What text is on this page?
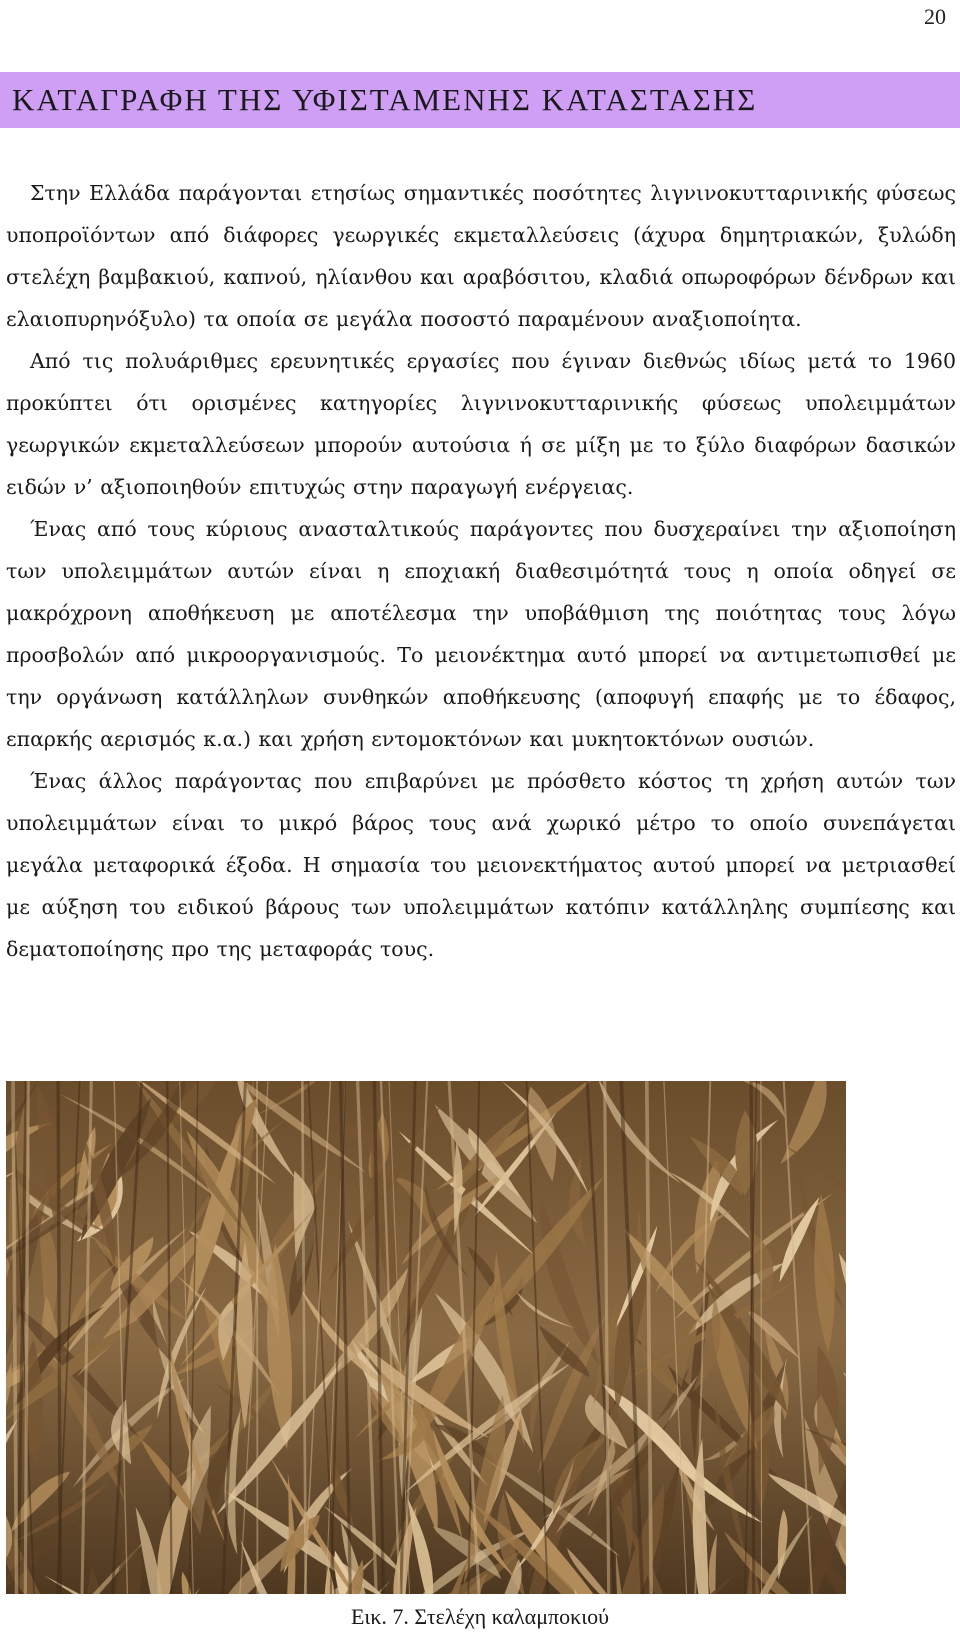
20
ΚΑΤΑΓΡΑΦΗ ΤΗΣ ΥΦΙΣΤΑΜΕΝΗΣ ΚΑΤΑΣΤΑΣΗΣ

Στην Ελλάδα παράγονται ετησίως σημαντικές ποσότητες λιγνινοκυτταρινικής φύσεως υποπροϊόντων από διάφορες γεωργικές εκμεταλλεύσεις (άχυρα δημητριακών, ξυλώδη στελέχη βαμβακιού, καπνού, ηλίανθου και αραβόσιτου, κλαδιά οπωροφόρων δένδρων και ελαιοπυρηνόξυλο) τα οποία σε μεγάλα ποσοστό παραμένουν αναξιοποίητα.

Από τις πολυάριθμες ερευνητικές εργασίες που έγιναν διεθνώς ιδίως μετά το 1960 προκύπτει ότι ορισμένες κατηγορίες λιγνινοκυτταρινικής φύσεως υπολειμμάτων γεωργικών εκμεταλλεύσεων μπορούν αυτούσια ή σε μίξη με το ξύλο διαφόρων δασικών ειδών ν’ αξιοποιηθούν επιτυχώς στην παραγωγή ενέργειας.

Ένας από τους κύριους ανασταλτικούς παράγοντες που δυσχεραίνει την αξιοποίηση των υπολειμμάτων αυτών είναι η εποχιακή διαθεσιμότητά τους η οποία οδηγεί σε μακρόχρονη αποθήκευση με αποτέλεσμα την υποβάθμιση της ποιότητας τους λόγω προσβολών από μικροοργανισμούς. Το μειονέκτημα αυτό μπορεί να αντιμετωπισθεί με την οργάνωση κατάλληλων συνθηκών αποθήκευσης (αποφυγή επαφής με το έδαφος, επαρκής αερισμός κ.α.) και χρήση εντομοκτόνων και μυκητοκτόνων ουσιών.

Ένας άλλος παράγοντας που επιβαρύνει με πρόσθετο κόστος τη χρήση αυτών των υπολειμμάτων είναι το μικρό βάρος τους ανά χωρικό μέτρο το οποίο συνεπάγεται μεγάλα μεταφορικά έξοδα. Η σημασία του μειονεκτήματος αυτού μπορεί να μετριασθεί με αύξηση του ειδικού βάρους των υπολειμμάτων κατόπιν κατάλληλης συμπίεσης και δεματοποίησης προ της μεταφοράς τους.

Εικ. 7. Στελέχη καλαμποκιού
